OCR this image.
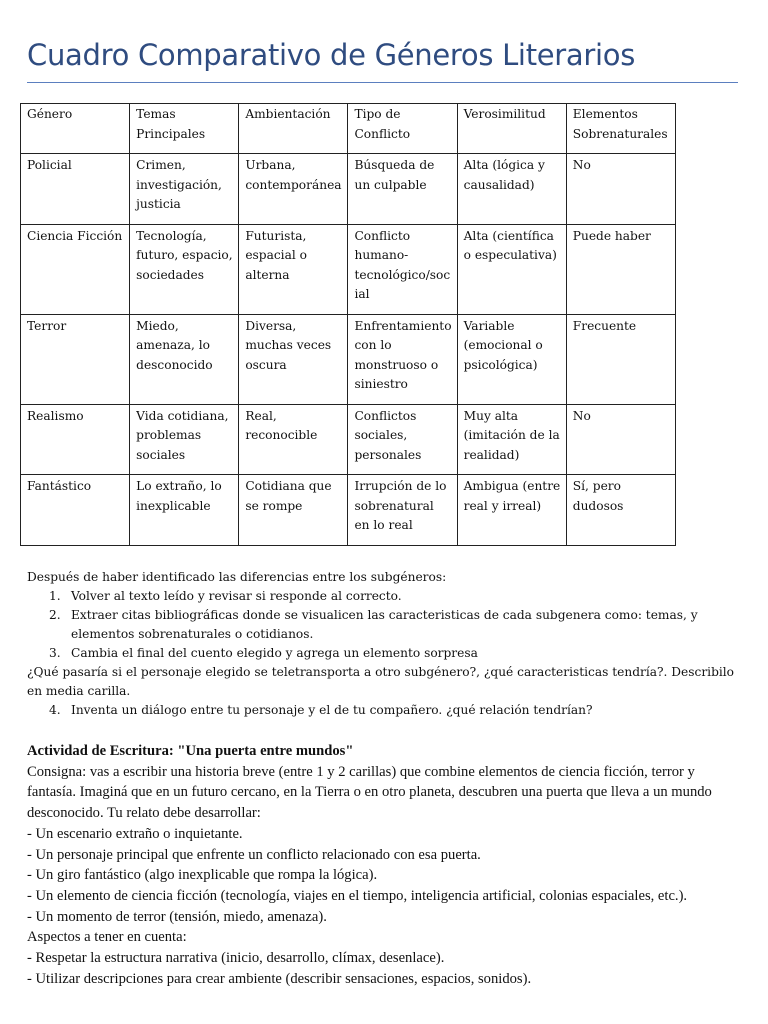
Cuadro Comparativo de Géneros Literarios
Género	Temas Principales	Ambientación	Tipo de Conflicto	Verosimilitud	Elementos Sobrenaturales
Policial	Crimen, investigación, justicia	Urbana, contemporánea	Búsqueda de un culpable	Alta (lógica y causalidad)	No
Ciencia Ficción	Tecnología, futuro, espacio, sociedades	Futurista, espacial o alterna	Conflicto humano-tecnológico/social	Alta (científica o especulativa)	Puede haber
Terror	Miedo, amenaza, lo desconocido	Diversa, muchas veces oscura	Enfrentamiento con lo monstruoso o siniestro	Variable (emocional o psicológica)	Frecuente
Realismo	Vida cotidiana, problemas sociales	Real, reconocible	Conflictos sociales, personales	Muy alta (imitación de la realidad)	No
Fantástico	Lo extraño, lo inexplicable	Cotidiana que se rompe	Irrupción de lo sobrenatural en lo real	Ambigua (entre real y irreal)	Sí, pero dudosos

Después de haber identificado las diferencias entre los subgéneros:

1. Volver al texto leído y revisar si responde al correcto.
2. Extraer citas bibliográficas donde se visualicen las caracteristicas de cada subgenera como: temas, y elementos sobrenaturales o cotidianos.
3. Cambia el final del cuento elegido y agrega un elemento sorpresa

¿Qué pasaría si el personaje elegido se teletransporta a otro subgénero?, ¿qué caracteristicas tendría?. Describilo en media carilla.

4. Inventa un diálogo entre tu personaje y el de tu compañero. ¿qué relación tendrían?

Actividad de Escritura: "Una puerta entre mundos"

Consigna: vas a escribir una historia breve (entre 1 y 2 carillas) que combine elementos de ciencia ficción, terror y fantasía. Imaginá que en un futuro cercano, en la Tierra o en otro planeta, descubren una puerta que lleva a un mundo desconocido. Tu relato debe desarrollar:

- Un escenario extraño o inquietante.

- Un personaje principal que enfrente un conflicto relacionado con esa puerta.

- Un giro fantástico (algo inexplicable que rompa la lógica).

- Un elemento de ciencia ficción (tecnología, viajes en el tiempo, inteligencia artificial, colonias espaciales, etc.).

- Un momento de terror (tensión, miedo, amenaza).

Aspectos a tener en cuenta:

- Respetar la estructura narrativa (inicio, desarrollo, clímax, desenlace).

- Utilizar descripciones para crear ambiente (describir sensaciones, espacios, sonidos).
